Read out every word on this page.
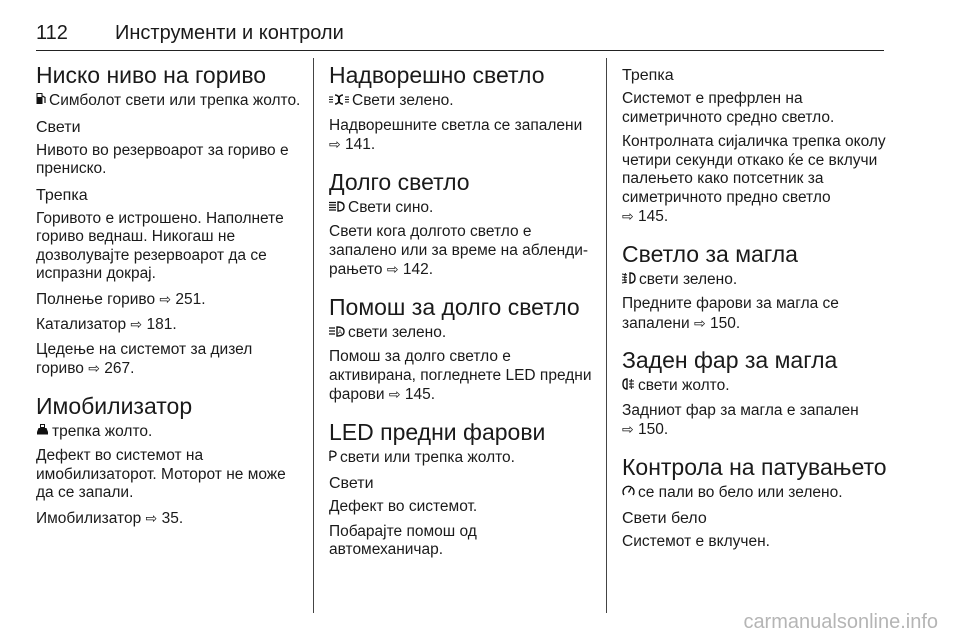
112 Инструменти и контроли
Ниско ниво на гориво

Симболот свети или трепка жолто.

Свети

Нивото во резервоарот за гориво е прениско.

Трепка

Горивото е истрошено. Наполнете гориво веднаш. Никогаш не дозволувајте резервоарот да се испразни докрај.

Полнење гориво ⇨ 251.

Катализатор ⇨ 181.

Цедење на системот за дизел гориво ⇨ 267.

Имобилизатор

трепка жолто.

Дефект во системот на имобилизаторот. Моторот не може да се запали.

Имобилизатор ⇨ 35.

Надворешно светло

Свети зелено.

Надворешните светла се запалени ⇨ 141.

Долго светло

Свети сино.

Свети кога долгото светло е запалено или за време на аблендирањето ⇨ 142.

Помош за долго светло

A свети зелено.

Помош за долго светло е активирана, погледнете LED предни фарови ⇨ 145.

LED предни фарови

свети или трепка жолто.

Свети

Дефект во системот.

Побарајте помош од автомеханичар.

Трепка

Системот е префрлен на симетричното средно светло.

Контролната сијаличка трепка околу четири секунди откако ќе се вклучи палењето како потсетник за симетричното предно светло
⇨ 145.

Светло за магла

свети зелено.

Предните фарови за магла се запалени ⇨ 150.

Заден фар за магла

свети жолто.

Задниот фар за магла е запален
⇨ 150.

Контрола на патувањето

се пали во бело или зелено.

Свети бело

Системот е вклучен.

carmanualsonline.info
